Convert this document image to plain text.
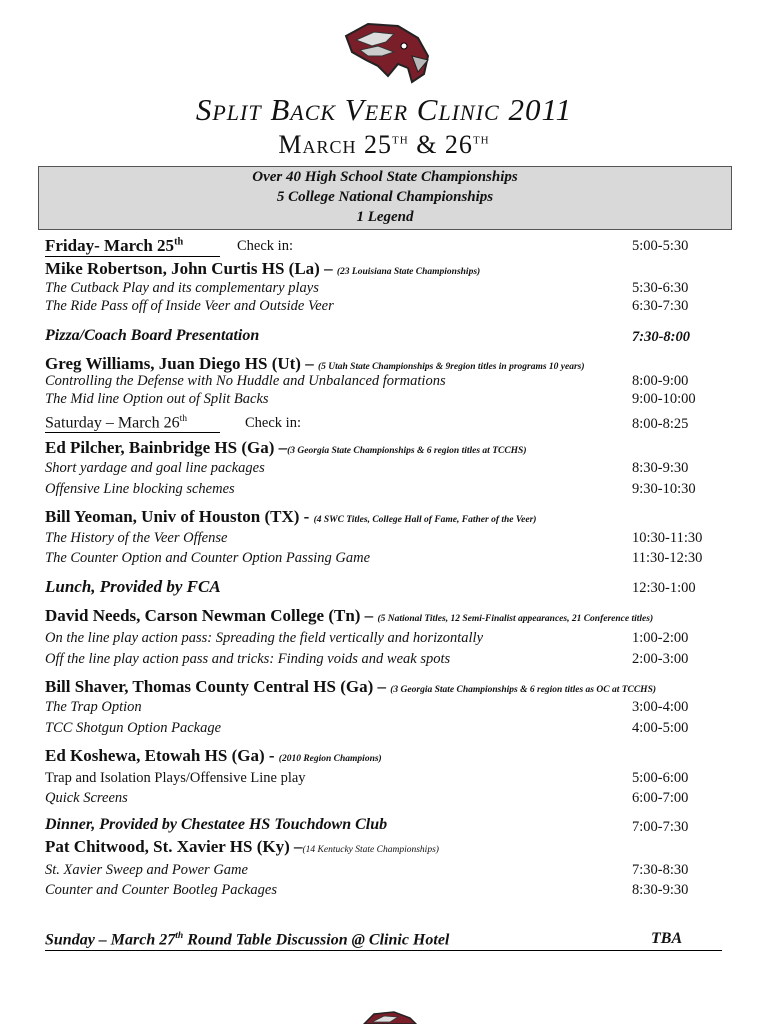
Split Back Veer Clinic 2011
March 25th & 26th
Over 40 High School State Championships
5 College National Championships
1 Legend
Friday- March 25th	Check in:	5:00-5:30
Mike Robertson, John Curtis HS (La) – (23 Louisiana State Championships)
The Cutback Play and its complementary plays	5:30-6:30
The Ride Pass off of Inside Veer and Outside Veer	6:30-7:30
Pizza/Coach Board Presentation	7:30-8:00
Greg Williams, Juan Diego HS (Ut) – (5 Utah State Championships & 9region titles in programs 10 years)
Controlling the Defense with No Huddle and Unbalanced formations	8:00-9:00
The Mid line Option out of Split Backs	9:00-10:00
Saturday – March 26th	Check in:	8:00-8:25
Ed Pilcher, Bainbridge HS (Ga) –(3 Georgia State Championships & 6 region titles at TCCHS)
Short yardage and goal line packages	8:30-9:30
Offensive Line blocking schemes	9:30-10:30
Bill Yeoman, Univ of Houston (TX) - (4 SWC Titles, College Hall of Fame, Father of the Veer)
The History of the Veer Offense	10:30-11:30
The Counter Option and Counter Option Passing Game	11:30-12:30
Lunch, Provided by FCA	12:30-1:00
David Needs, Carson Newman College (Tn) – (5 National Titles, 12 Semi-Finalist appearances, 21 Conference titles)
On the line play action pass: Spreading the field vertically and horizontally	1:00-2:00
Off the line play action pass and tricks: Finding voids and weak spots	2:00-3:00
Bill Shaver, Thomas County Central HS (Ga) – (3 Georgia State Championships & 6 region titles as OC at TCCHS)
The Trap Option	3:00-4:00
TCC Shotgun Option Package	4:00-5:00
Ed Koshewa, Etowah HS (Ga) - (2010 Region Champions)
Trap and Isolation Plays/Offensive Line play	5:00-6:00
Quick Screens	6:00-7:00
Dinner, Provided by Chestatee HS Touchdown Club	7:00-7:30
Pat Chitwood, St. Xavier HS (Ky) –(14 Kentucky State Championships)
St. Xavier Sweep and Power Game	7:30-8:30
Counter and Counter Bootleg Packages	8:30-9:30
Sunday – March 27th Round Table Discussion @ Clinic Hotel	TBA
